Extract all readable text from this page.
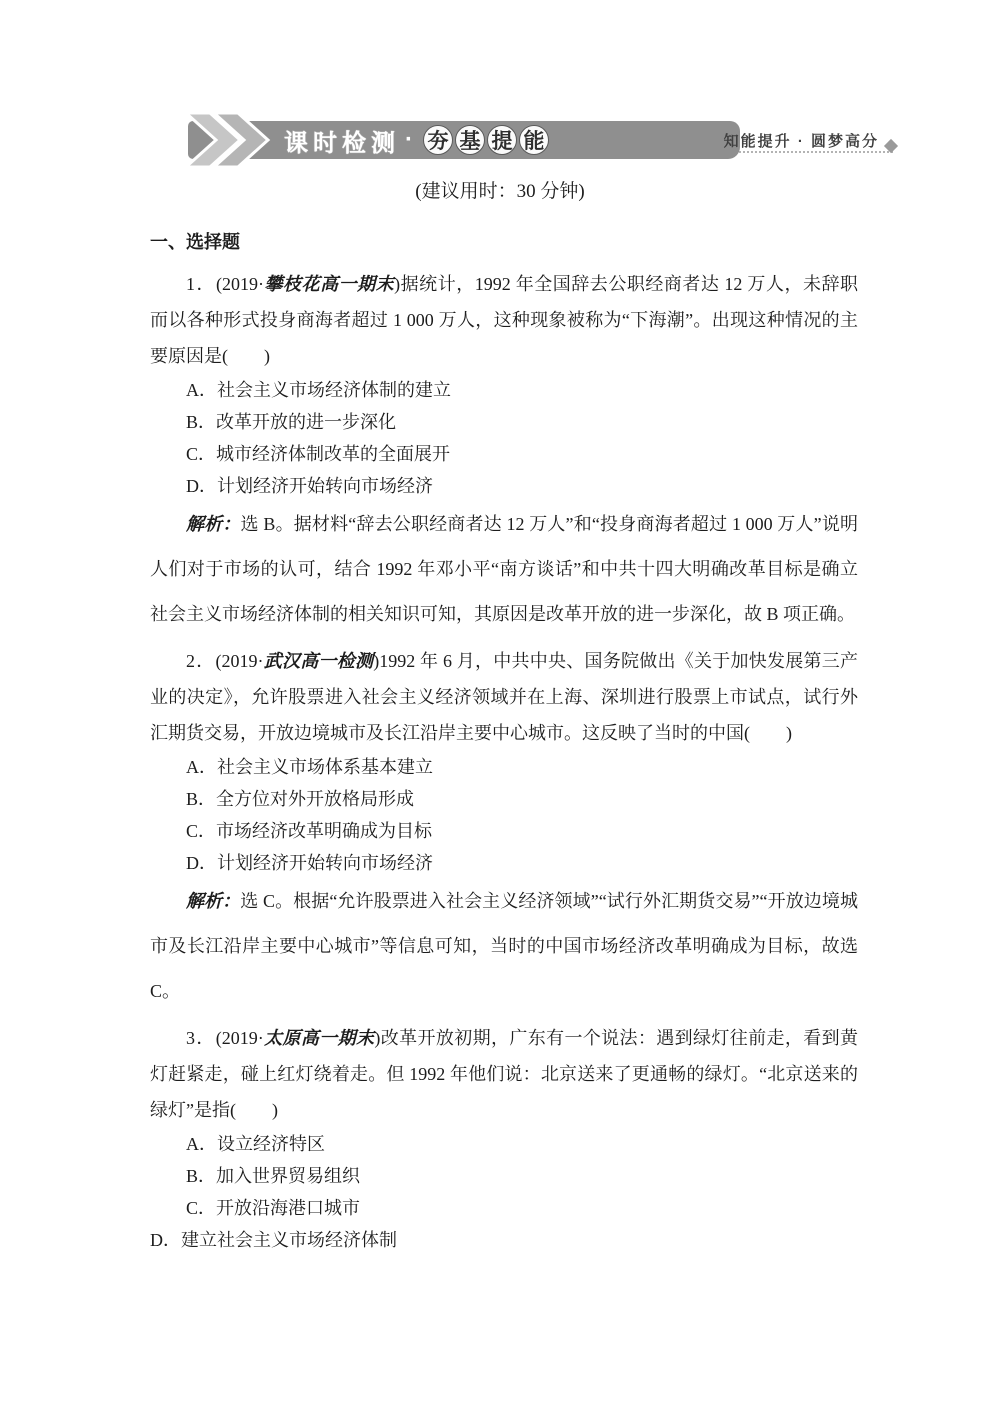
课时检测 · 夯 基 提 能	知能提升 · 圆梦高分
(建议用时：30 分钟)
一、选择题

1．(2019·攀枝花高一期末)据统计，1992 年全国辞去公职经商者达 12 万人，未辞职而以各种形式投身商海者超过 1 000 万人，这种现象被称为“下海潮”。出现这种情况的主要原因是(　　)

A．社会主义市场经济体制的建立
B．改革开放的进一步深化
C．城市经济体制改革的全面展开
D．计划经济开始转向市场经济

解析：选 B。据材料“辞去公职经商者达 12 万人”和“投身商海者超过 1 000 万人”说明人们对于市场的认可，结合 1992 年邓小平“南方谈话”和中共十四大明确改革目标是确立社会主义市场经济体制的相关知识可知，其原因是改革开放的进一步深化，故 B 项正确。

2．(2019·武汉高一检测)1992 年 6 月，中共中央、国务院做出《关于加快发展第三产业的决定》，允许股票进入社会主义经济领域并在上海、深圳进行股票上市试点，试行外汇期货交易，开放边境城市及长江沿岸主要中心城市。这反映了当时的中国(　　)

A．社会主义市场体系基本建立
B．全方位对外开放格局形成
C．市场经济改革明确成为目标
D．计划经济开始转向市场经济

解析：选 C。根据“允许股票进入社会主义经济领域”“试行外汇期货交易”“开放边境城市及长江沿岸主要中心城市”等信息可知，当时的中国市场经济改革明确成为目标，故选 C。

3．(2019·太原高一期末)改革开放初期，广东有一个说法：遇到绿灯往前走，看到黄灯赶紧走，碰上红灯绕着走。但 1992 年他们说：北京送来了更通畅的绿灯。“北京送来的绿灯”是指(　　)

A．设立经济特区
B．加入世界贸易组织
C．开放沿海港口城市
D．建立社会主义市场经济体制
